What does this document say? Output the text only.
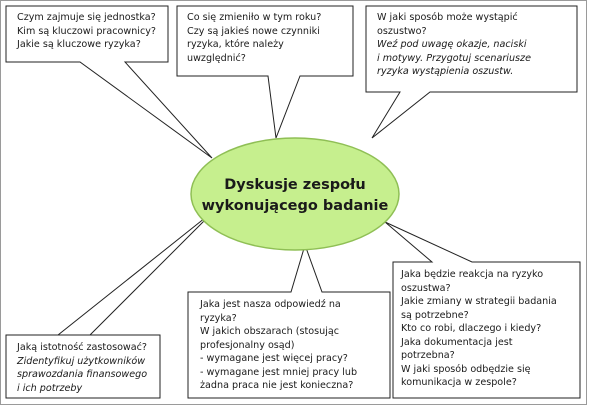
Dyskusje zespołu
wykonującego badanie
Czym zajmuje się jednostka?
Kim są kluczowi pracownicy?
Jakie są kluczowe ryzyka?
Co się zmieniło w tym roku?
Czy są jakieś nowe czynniki
ryzyka, które należy
uwzględnić?
W jaki sposób może wystąpić
oszustwo?
Weź pod uwagę okazje, naciski
i motywy. Przygotuj scenariusze
ryzyka wystąpienia oszustw.
Jaka jest nasza odpowiedź na
ryzyka?
W jakich obszarach (stosując
profesjonalny osąd)
- wymagane jest więcej pracy?
- wymagane jest mniej pracy lub
żadna praca nie jest konieczna?
Jaką istotność zastosować?
Zidentyfikuj użytkowników
sprawozdania finansowego
i ich potrzeby
Jaka będzie reakcja na ryzyko
oszustwa?
Jakie zmiany w strategii badania
są potrzebne?
Kto co robi, dlaczego i kiedy?
Jaka dokumentacja jest
potrzebna?
W jaki sposób odbędzie się
komunikacja w zespole?
